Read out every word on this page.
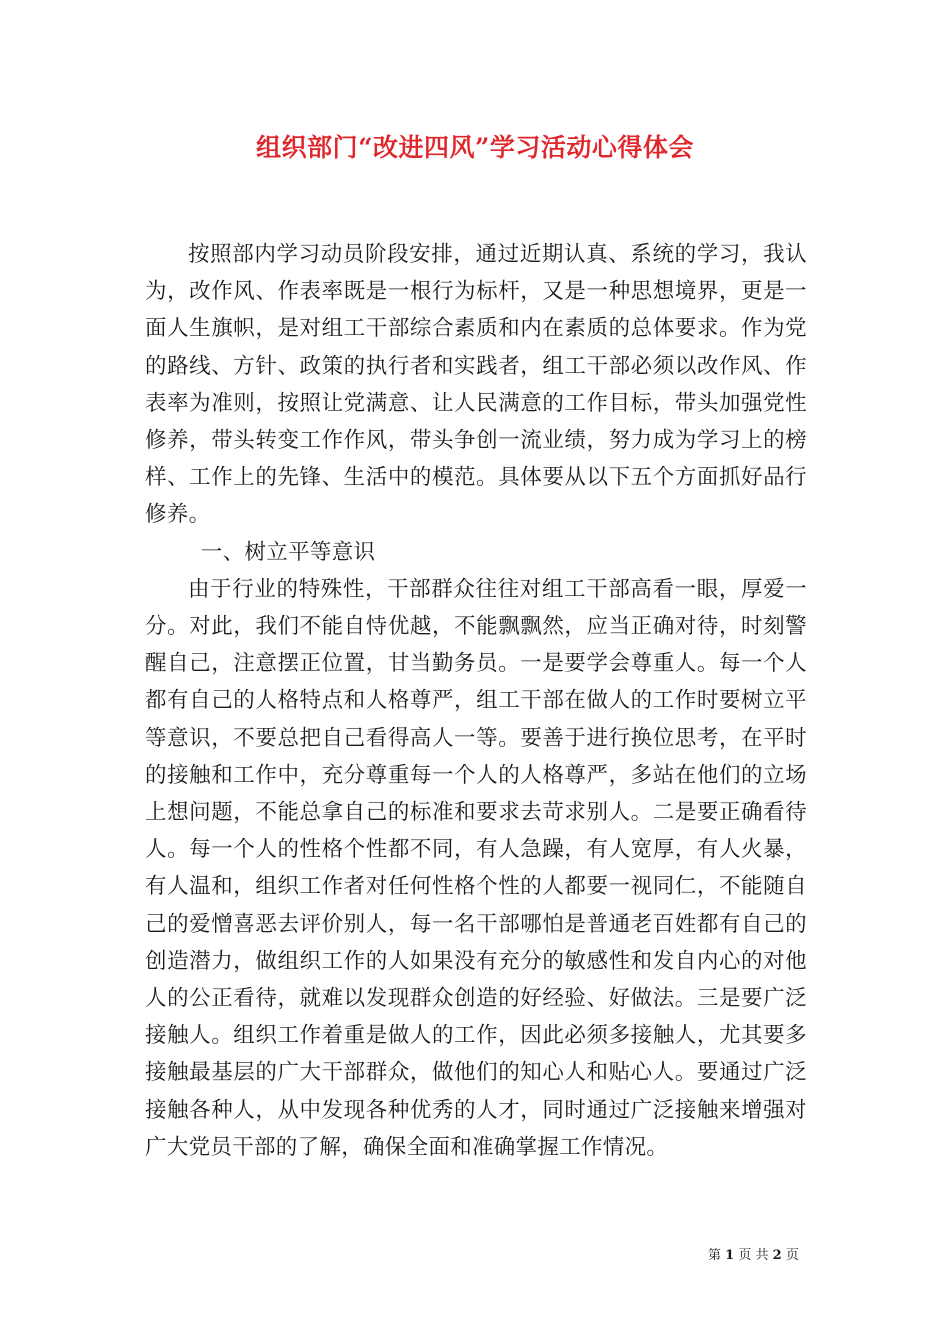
组织部门“改进四风”学习活动心得体会

按照部内学习动员阶段安排，通过近期认真、系统的学习，我认为，改作风、作表率既是一根行为标杆，又是一种思想境界，更是一面人生旗帜，是对组工干部综合素质和内在素质的总体要求。作为党的路线、方针、政策的执行者和实践者，组工干部必须以改作风、作表率为准则，按照让党满意、让人民满意的工作目标，带头加强党性修养，带头转变工作作风，带头争创一流业绩，努力成为学习上的榜样、工作上的先锋、生活中的模范。具体要从以下五个方面抓好品行修养。

一、树立平等意识

由于行业的特殊性，干部群众往往对组工干部高看一眼，厚爱一分。对此，我们不能自恃优越，不能飘飘然，应当正确对待，时刻警醒自己，注意摆正位置，甘当勤务员。一是要学会尊重人。每一个人都有自己的人格特点和人格尊严，组工干部在做人的工作时要树立平等意识，不要总把自己看得高人一等。要善于进行换位思考，在平时的接触和工作中，充分尊重每一个人的人格尊严，多站在他们的立场上想问题，不能总拿自己的标准和要求去苛求别人。二是要正确看待人。每一个人的性格个性都不同，有人急躁，有人宽厚，有人火暴，有人温和，组织工作者对任何性格个性的人都要一视同仁，不能随自己的爱憎喜恶去评价别人，每一名干部哪怕是普通老百姓都有自己的创造潜力，做组织工作的人如果没有充分的敏感性和发自内心的对他人的公正看待，就难以发现群众创造的好经验、好做法。三是要广泛接触人。组织工作着重是做人的工作，因此必须多接触人，尤其要多接触最基层的广大干部群众，做他们的知心人和贴心人。要通过广泛接触各种人，从中发现各种优秀的人才，同时通过广泛接触来增强对广大党员干部的了解，确保全面和准确掌握工作情况。

第 1 页 共 2 页
